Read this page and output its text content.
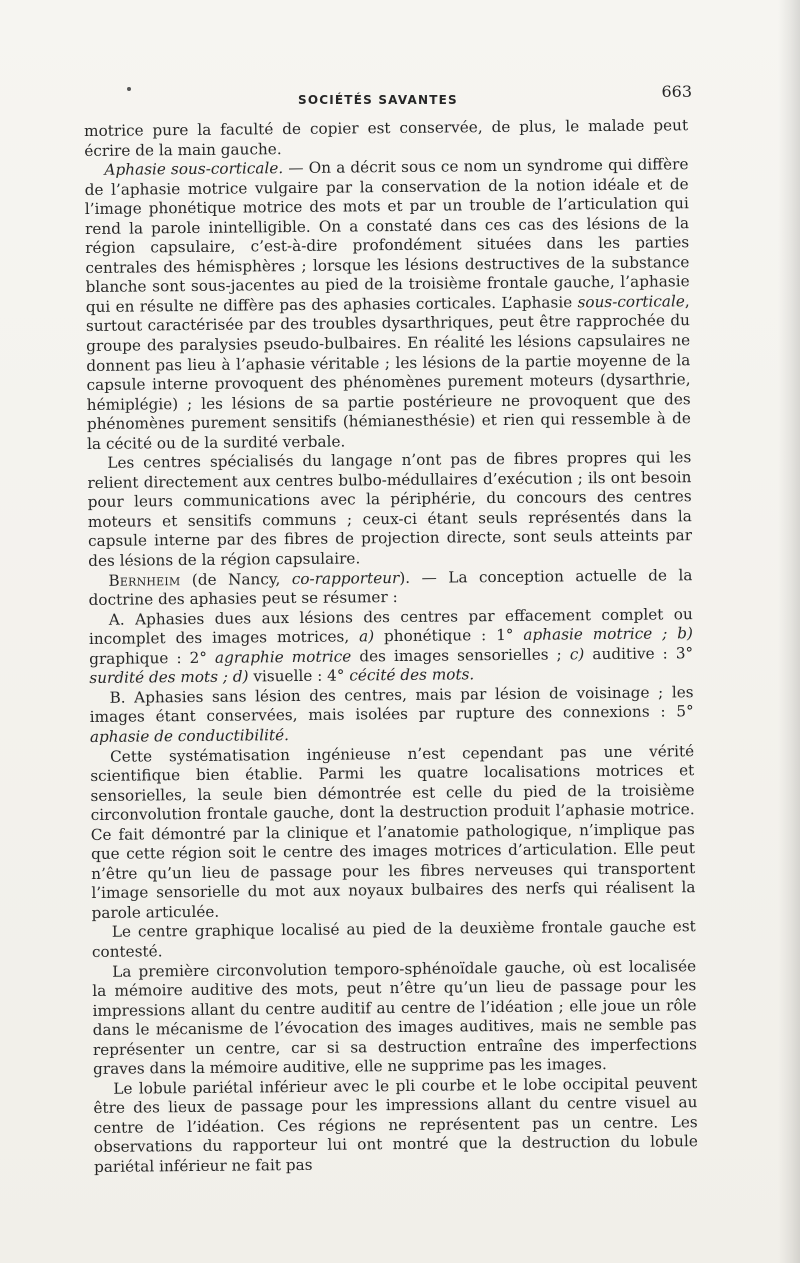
SOCIÉTÉS SAVANTES	663

motrice pure la faculté de copier est conservée, de plus, le malade peut écrire de la main gauche.

Aphasie sous-corticale. — On a décrit sous ce nom un syndrome qui diffère de l’aphasie motrice vulgaire par la conservation de la notion idéale et de l’image phonétique motrice des mots et par un trouble de l’articulation qui rend la parole inintelligible. On a constaté dans ces cas des lésions de la région capsulaire, c’est-à-dire profondément situées dans les parties centrales des hémisphères ; lorsque les lésions destructives de la substance blanche sont sous-jacentes au pied de la troisième frontale gauche, l’aphasie qui en résulte ne diffère pas des aphasies corticales. L’aphasie sous-corticale, surtout caractérisée par des troubles dysarthriques, peut être rapprochée du groupe des paralysies pseudo-bulbaires. En réalité les lésions capsulaires ne donnent pas lieu à l’aphasie véritable ; les lésions de la partie moyenne de la capsule interne provoquent des phénomènes purement moteurs (dysarthrie, hémiplégie) ; les lésions de sa partie postérieure ne provoquent que des phénomènes purement sensitifs (hémianesthésie) et rien qui ressemble à de la cécité ou de la surdité verbale.

Les centres spécialisés du langage n’ont pas de fibres propres qui les relient directement aux centres bulbo-médullaires d’exécution ; ils ont besoin pour leurs communications avec la périphérie, du concours des centres moteurs et sensitifs communs ; ceux-ci étant seuls représentés dans la capsule interne par des fibres de projection directe, sont seuls atteints par des lésions de la région capsulaire.

Bernheim (de Nancy, co-rapporteur). — La conception actuelle de la doctrine des aphasies peut se résumer :

A. Aphasies dues aux lésions des centres par effacement complet ou incomplet des images motrices, a) phonétique : 1° aphasie motrice ; b) graphique : 2° agraphie motrice des images sensorielles ; c) auditive : 3° surdité des mots ; d) visuelle : 4° cécité des mots.

B. Aphasies sans lésion des centres, mais par lésion de voisinage ; les images étant conservées, mais isolées par rupture des connexions : 5° aphasie de conductibilité.

Cette systématisation ingénieuse n’est cependant pas une vérité scientifique bien établie. Parmi les quatre localisations motrices et sensorielles, la seule bien démontrée est celle du pied de la troisième circonvolution frontale gauche, dont la destruction produit l’aphasie motrice. Ce fait démontré par la clinique et l’anatomie pathologique, n’implique pas que cette région soit le centre des images motrices d’articulation. Elle peut n’être qu’un lieu de passage pour les fibres nerveuses qui transportent l’image sensorielle du mot aux noyaux bulbaires des nerfs qui réalisent la parole articulée.

Le centre graphique localisé au pied de la deuxième frontale gauche est contesté.

La première circonvolution temporo-sphénoïdale gauche, où est localisée la mémoire auditive des mots, peut n’être qu’un lieu de passage pour les impressions allant du centre auditif au centre de l’idéation ; elle joue un rôle dans le mécanisme de l’évocation des images auditives, mais ne semble pas représenter un centre, car si sa destruction entraîne des imperfections graves dans la mémoire auditive, elle ne supprime pas les images.

Le lobule pariétal inférieur avec le pli courbe et le lobe occipital peuvent être des lieux de passage pour les impressions allant du centre visuel au centre de l’idéation. Ces régions ne représentent pas un centre. Les observations du rapporteur lui ont montré que la destruction du lobule pariétal inférieur ne fait pas
